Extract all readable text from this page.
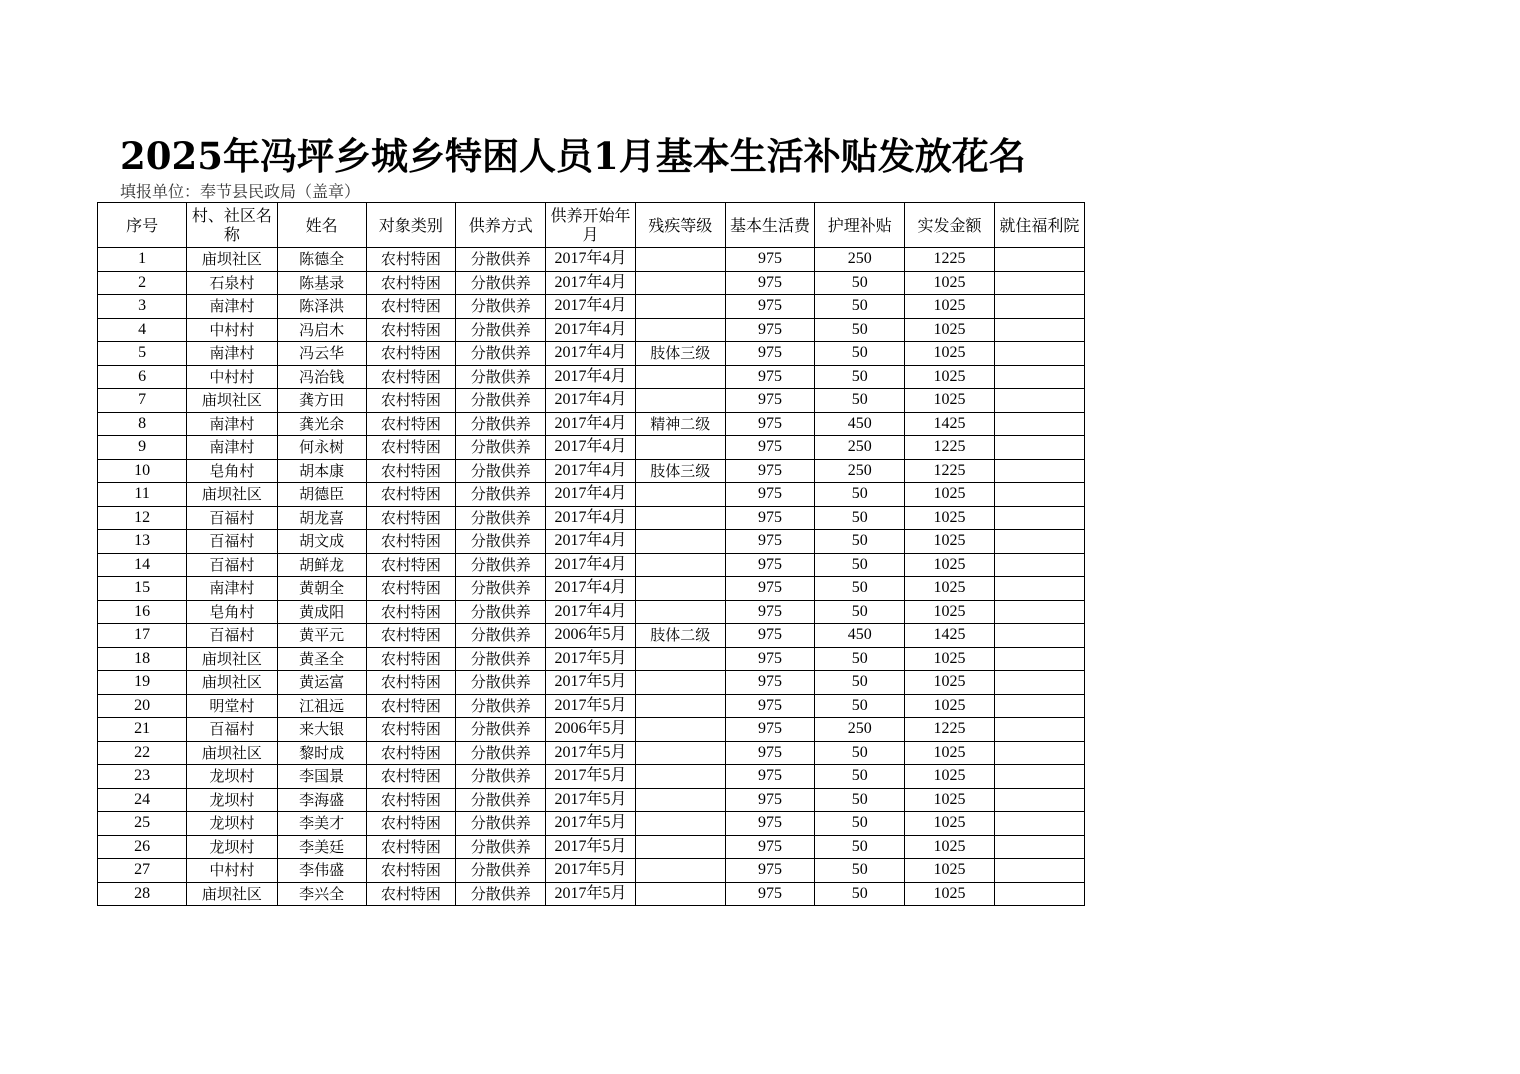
2025年冯坪乡城乡特困人员1月基本生活补贴发放花名
填报单位：奉节县民政局（盖章）
序号	村、社区名称	姓名	对象类别	供养方式	供养开始年月	残疾等级	基本生活费	护理补贴	实发金额	就住福利院
1	庙坝社区	陈德全	农村特困	分散供养	2017年4月		975	250	1225	
2	石泉村	陈基录	农村特困	分散供养	2017年4月		975	50	1025	
3	南津村	陈泽洪	农村特困	分散供养	2017年4月		975	50	1025	
4	中村村	冯启木	农村特困	分散供养	2017年4月		975	50	1025	
5	南津村	冯云华	农村特困	分散供养	2017年4月	肢体三级	975	50	1025	
6	中村村	冯治钱	农村特困	分散供养	2017年4月		975	50	1025	
7	庙坝社区	龚方田	农村特困	分散供养	2017年4月		975	50	1025	
8	南津村	龚光余	农村特困	分散供养	2017年4月	精神二级	975	450	1425	
9	南津村	何永树	农村特困	分散供养	2017年4月		975	250	1225	
10	皂角村	胡本康	农村特困	分散供养	2017年4月	肢体三级	975	250	1225	
11	庙坝社区	胡德臣	农村特困	分散供养	2017年4月		975	50	1025	
12	百福村	胡龙喜	农村特困	分散供养	2017年4月		975	50	1025	
13	百福村	胡文成	农村特困	分散供养	2017年4月		975	50	1025	
14	百福村	胡鲜龙	农村特困	分散供养	2017年4月		975	50	1025	
15	南津村	黄朝全	农村特困	分散供养	2017年4月		975	50	1025	
16	皂角村	黄成阳	农村特困	分散供养	2017年4月		975	50	1025	
17	百福村	黄平元	农村特困	分散供养	2006年5月	肢体二级	975	450	1425	
18	庙坝社区	黄圣全	农村特困	分散供养	2017年5月		975	50	1025	
19	庙坝社区	黄运富	农村特困	分散供养	2017年5月		975	50	1025	
20	明堂村	江祖远	农村特困	分散供养	2017年5月		975	50	1025	
21	百福村	来大银	农村特困	分散供养	2006年5月		975	250	1225	
22	庙坝社区	黎时成	农村特困	分散供养	2017年5月		975	50	1025	
23	龙坝村	李国景	农村特困	分散供养	2017年5月		975	50	1025	
24	龙坝村	李海盛	农村特困	分散供养	2017年5月		975	50	1025	
25	龙坝村	李美才	农村特困	分散供养	2017年5月		975	50	1025	
26	龙坝村	李美廷	农村特困	分散供养	2017年5月		975	50	1025	
27	中村村	李伟盛	农村特困	分散供养	2017年5月		975	50	1025	
28	庙坝社区	李兴全	农村特困	分散供养	2017年5月		975	50	1025	
